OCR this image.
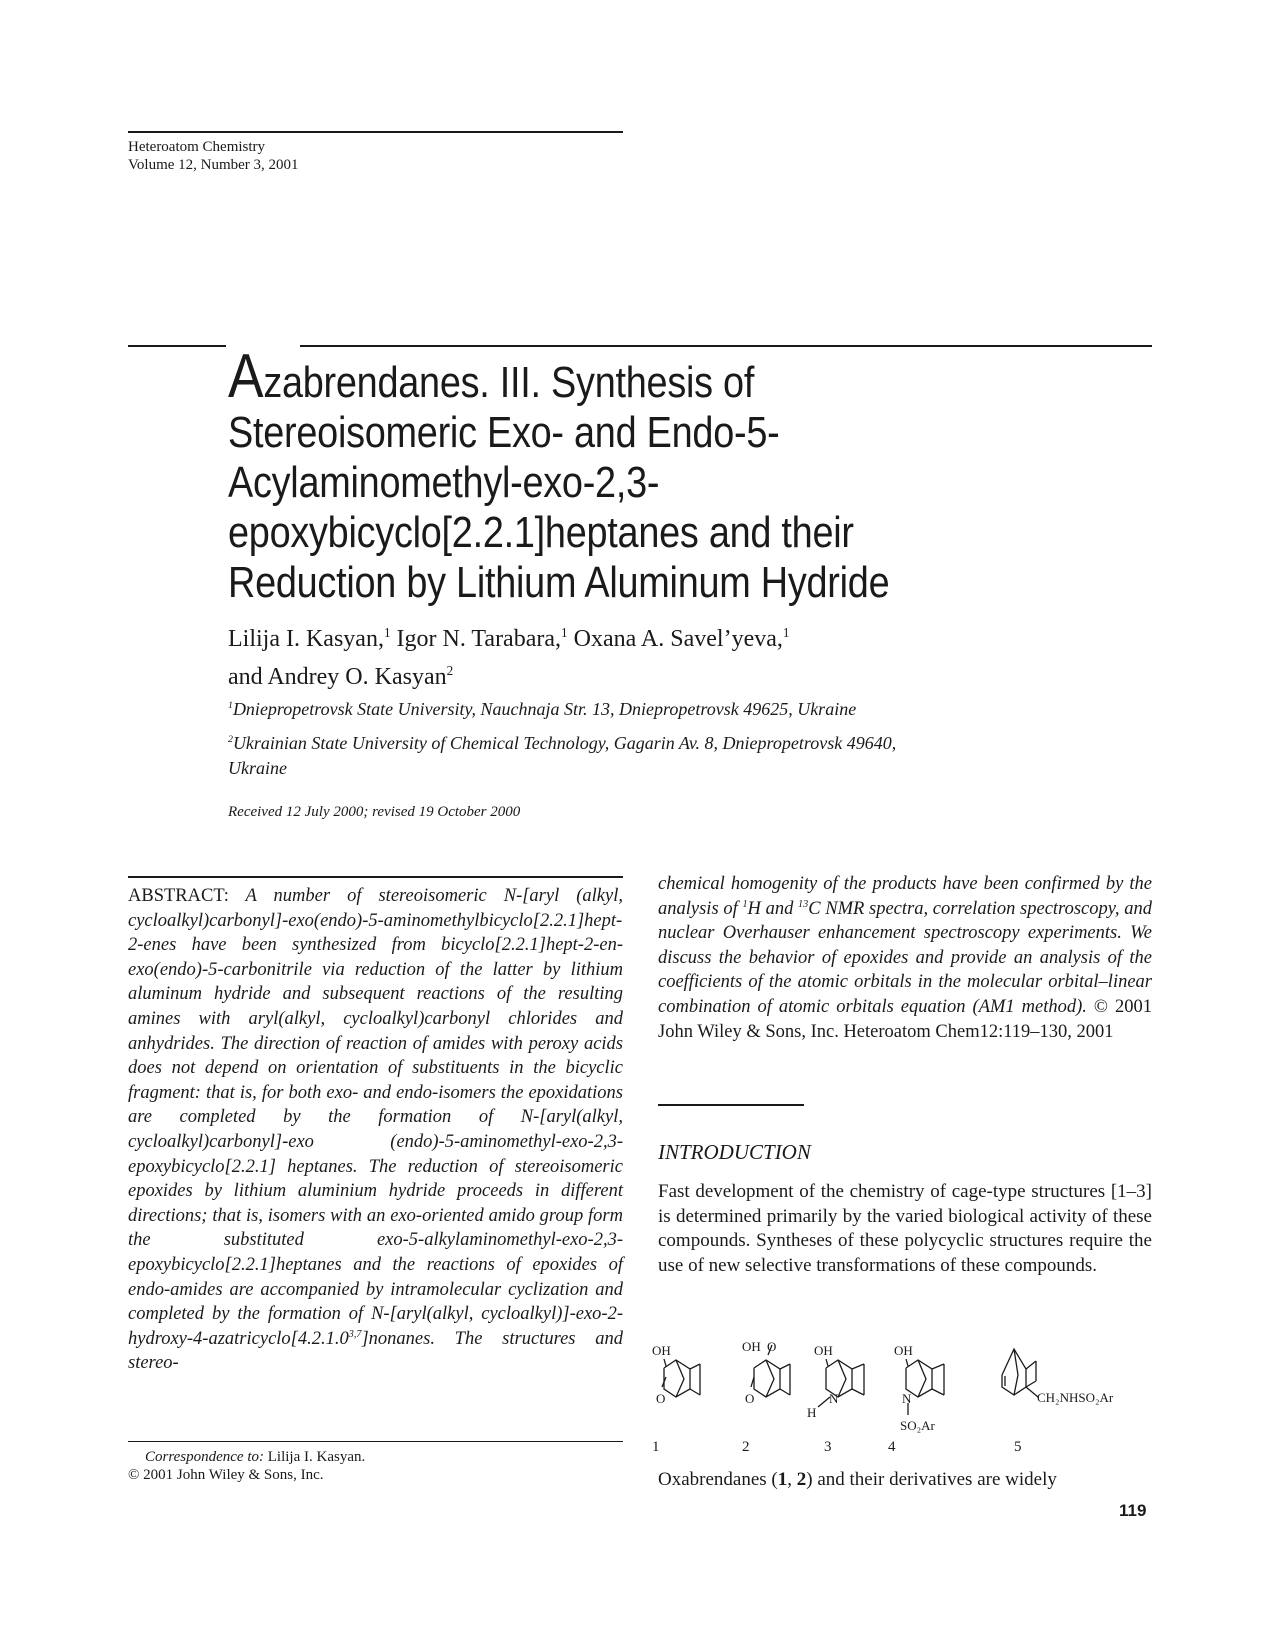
Heteroatom Chemistry
Volume 12, Number 3, 2001
Azabrendanes. III. Synthesis of
Stereoisomeric Exo- and Endo-5-
Acylaminomethyl-exo-2,3-
epoxybicyclo[2.2.1]heptanes and their
Reduction by Lithium Aluminum Hydride
Lilija I. Kasyan,$^1$ Igor N. Tarabara,$^1$ Oxana A. Savel’yeva,$^1$
and Andrey O. Kasyan$^2$
$^1$Dniepropetrovsk State University, Nauchnaja Str. 13, Dniepropetrovsk 49625, Ukraine
$^2$Ukrainian State University of Chemical Technology, Gagarin Av. 8, Dniepropetrovsk 49640,
Ukraine
Received 12 July 2000; revised 19 October 2000
ABSTRACT: A number of stereoisomeric N-[aryl (alkyl, cycloalkyl)carbonyl]-exo(endo)-5-aminomethylbicyclo[2.2.1]hept-2-enes have been synthesized from bicyclo[2.2.1]hept-2-en-exo(endo)-5-carbonitrile via reduction of the latter by lithium aluminum hydride and subsequent reactions of the resulting amines with aryl(alkyl, cycloalkyl)carbonyl chlorides and anhydrides. The direction of reaction of amides with peroxy acids does not depend on orientation of substituents in the bicyclic fragment: that is, for both exo- and endo-isomers the epoxidations are completed by the formation of N-[aryl(alkyl, cycloalkyl)carbonyl]-exo (endo)-5-aminomethyl-exo-2,3-epoxybicyclo[2.2.1] heptanes. The reduction of stereoisomeric epoxides by lithium aluminium hydride proceeds in different directions; that is, isomers with an exo-oriented amido group form the substituted exo-5-alkylaminomethyl-exo-2,3-epoxybicyclo[2.2.1]heptanes and the reactions of epoxides of endo-amides are accompanied by intramolecular cyclization and completed by the formation of N-[aryl(alkyl, cycloalkyl)]-exo-2-hydroxy-4-azatricyclo[4.2.1.0$^{3,7}$]nonanes. The structures and stereo-
chemical homogenity of the products have been confirmed by the analysis of $^1$H and $^{13}$C NMR spectra, correlation spectroscopy, and nuclear Overhauser enhancement spectroscopy experiments. We discuss the behavior of epoxides and provide an analysis of the coefficients of the atomic orbitals in the molecular orbital–linear combination of atomic orbitals equation (AM1 method). © 2001 John Wiley & Sons, Inc. Heteroatom Chem12:119–130, 2001
INTRODUCTION
Fast development of the chemistry of cage-type structures [1–3] is determined primarily by the varied biological activity of these compounds. Syntheses of these polycyclic structures require the use of new selective transformations of these compounds.
OH
O
OH O
O
OH
N
H
OH
N
SO₂Ar
CH₂NHSO₂Ar
1	2	3	4	5
Oxabrendanes (1, 2) and their derivatives are widely
Correspondence to: Lilija I. Kasyan.
© 2001 John Wiley & Sons, Inc.
119
